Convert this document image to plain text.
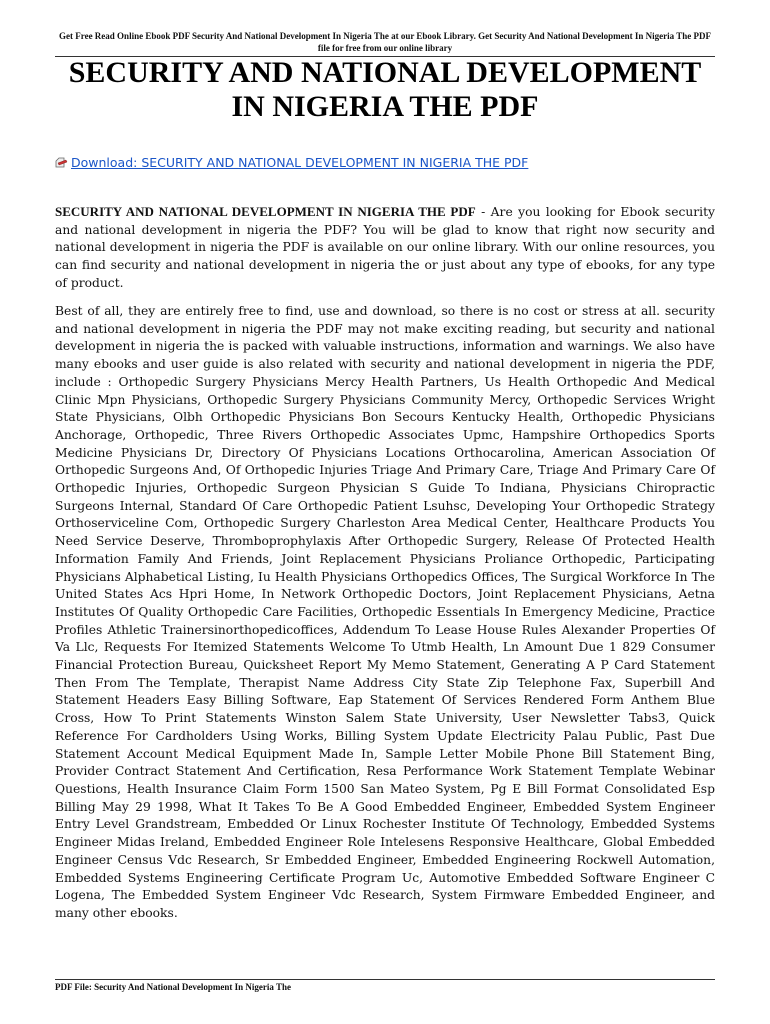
Get Free Read Online Ebook PDF Security And National Development In Nigeria The at our Ebook Library. Get Security And National Development In Nigeria The PDF file for free from our online library
SECURITY AND NATIONAL DEVELOPMENT IN NIGERIA THE PDF
Download: SECURITY AND NATIONAL DEVELOPMENT IN NIGERIA THE PDF

SECURITY AND NATIONAL DEVELOPMENT IN NIGERIA THE PDF - Are you looking for Ebook security and national development in nigeria the PDF? You will be glad to know that right now security and national development in nigeria the PDF is available on our online library. With our online resources, you can find security and national development in nigeria the or just about any type of ebooks, for any type of product.

Best of all, they are entirely free to find, use and download, so there is no cost or stress at all. security and national development in nigeria the PDF may not make exciting reading, but security and national development in nigeria the is packed with valuable instructions, information and warnings. We also have many ebooks and user guide is also related with security and national development in nigeria the PDF, include : Orthopedic Surgery Physicians Mercy Health Partners, Us Health Orthopedic And Medical Clinic Mpn Physicians, Orthopedic Surgery Physicians Community Mercy, Orthopedic Services Wright State Physicians, Olbh Orthopedic Physicians Bon Secours Kentucky Health, Orthopedic Physicians Anchorage, Orthopedic, Three Rivers Orthopedic Associates Upmc, Hampshire Orthopedics Sports Medicine Physicians Dr, Directory Of Physicians Locations Orthocarolina, American Association Of Orthopedic Surgeons And, Of Orthopedic Injuries Triage And Primary Care, Triage And Primary Care Of Orthopedic Injuries, Orthopedic Surgeon Physician S Guide To Indiana, Physicians Chiropractic Surgeons Internal, Standard Of Care Orthopedic Patient Lsuhsc, Developing Your Orthopedic Strategy Orthoserviceline Com, Orthopedic Surgery Charleston Area Medical Center, Healthcare Products You Need Service Deserve, Thromboprophylaxis After Orthopedic Surgery, Release Of Protected Health Information Family And Friends, Joint Replacement Physicians Proliance Orthopedic, Participating Physicians Alphabetical Listing, Iu Health Physicians Orthopedics Offices, The Surgical Workforce In The United States Acs Hpri Home, In Network Orthopedic Doctors, Joint Replacement Physicians, Aetna Institutes Of Quality Orthopedic Care Facilities, Orthopedic Essentials In Emergency Medicine, Practice Profiles Athletic Trainersinorthopedicoffices, Addendum To Lease House Rules Alexander Properties Of Va Llc, Requests For Itemized Statements Welcome To Utmb Health, Ln Amount Due 1 829 Consumer Financial Protection Bureau, Quicksheet Report My Memo Statement, Generating A P Card Statement Then From The Template, Therapist Name Address City State Zip Telephone Fax, Superbill And Statement Headers Easy Billing Software, Eap Statement Of Services Rendered Form Anthem Blue Cross, How To Print Statements Winston Salem State University, User Newsletter Tabs3, Quick Reference For Cardholders Using Works, Billing System Update Electricity Palau Public, Past Due Statement Account Medical Equipment Made In, Sample Letter Mobile Phone Bill Statement Bing, Provider Contract Statement And Certification, Resa Performance Work Statement Template Webinar Questions, Health Insurance Claim Form 1500 San Mateo System, Pg E Bill Format Consolidated Esp Billing May 29 1998, What It Takes To Be A Good Embedded Engineer, Embedded System Engineer Entry Level Grandstream, Embedded Or Linux Rochester Institute Of Technology, Embedded Systems Engineer Midas Ireland, Embedded Engineer Role Intelesens Responsive Healthcare, Global Embedded Engineer Census Vdc Research, Sr Embedded Engineer, Embedded Engineering Rockwell Automation, Embedded Systems Engineering Certificate Program Uc, Automotive Embedded Software Engineer C Logena, The Embedded System Engineer Vdc Research, System Firmware Embedded Engineer, and many other ebooks.

PDF File: Security And National Development In Nigeria The
